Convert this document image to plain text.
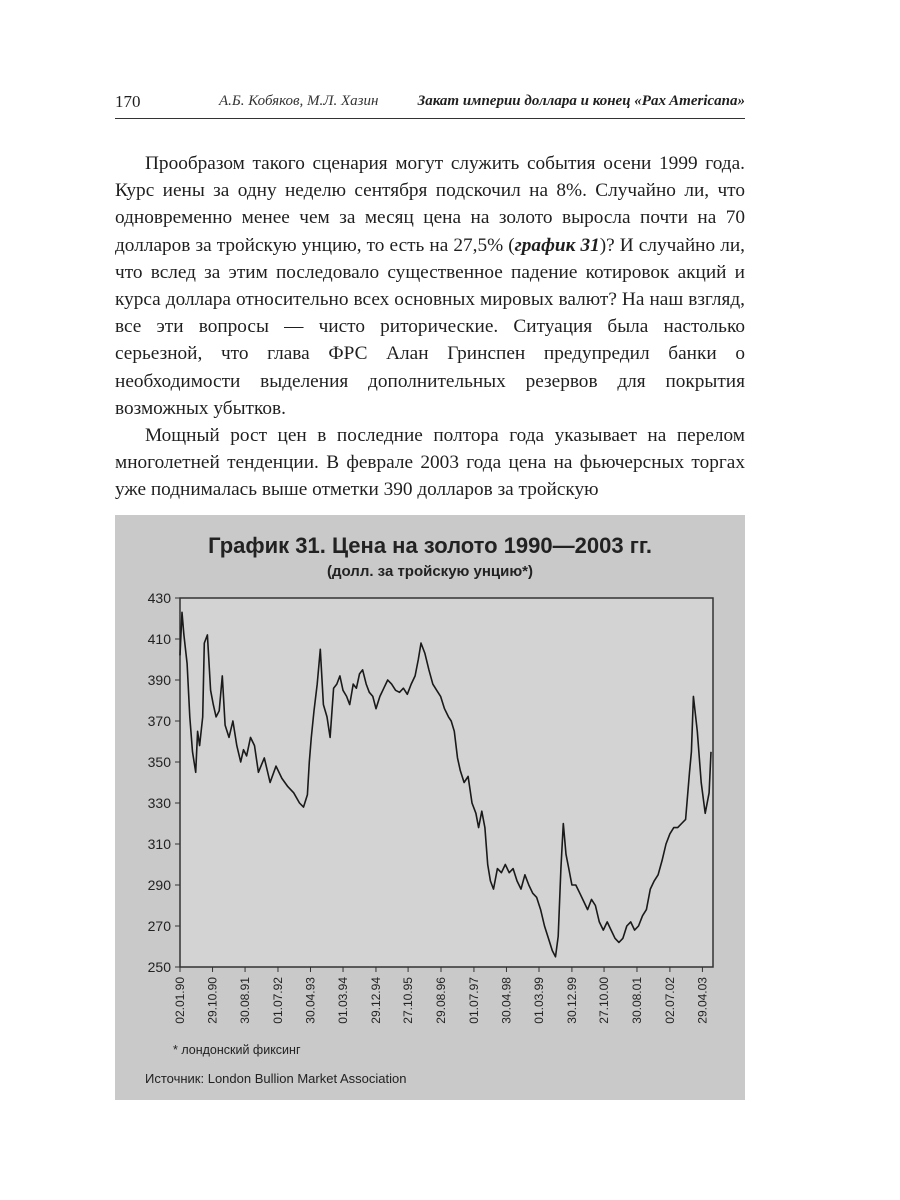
170	А.Б. Кобяков, М.Л. Хазин	Закат империи доллара и конец «Pax Americana»

Прообразом такого сценария могут служить события осени 1999 года. Курс иены за одну неделю сентября подскочил на 8%. Случайно ли, что одновременно менее чем за месяц цена на золото выросла почти на 70 долларов за тройскую унцию, то есть на 27,5% (график 31)? И случайно ли, что вслед за этим последовало существенное падение котировок акций и курса доллара относительно всех основных мировых валют? На наш взгляд, все эти вопросы — чисто риторические. Ситуация была настолько серьезной, что глава ФРС Алан Гринспен предупредил банки о необходимости выделения дополнительных резервов для покрытия возможных убытков.

Мощный рост цен в последние полтора года указывает на перелом многолетней тенденции. В феврале 2003 года цена на фьючерсных торгах уже поднималась выше отметки 390 долларов за тройскую

График 31. Цена на золото 1990—2003 гг.
(долл. за тройскую унцию*)
430
410
390
370
350
330
310
290
270
250
02.01.90 29.10.90 30.08.91 01.07.92 30.04.93 01.03.94 29.12.94 27.10.95 29.08.96 01.07.97 30.04.98 01.03.99 30.12.99 27.10.00 30.08.01 02.07.02 29.04.03
* лондонский фиксинг
Источник: London Bullion Market Association
